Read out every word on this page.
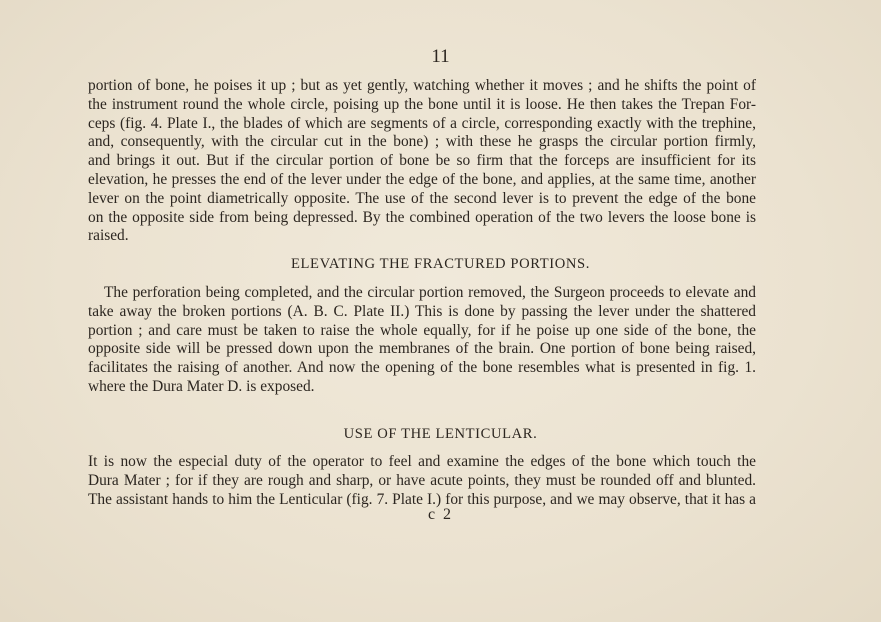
11
portion of bone, he poises it up ; but as yet gently, watching whether it moves ; and he shifts the point of
the instrument round the whole circle, poising up the bone until it is loose. He then takes the Trepan For-
ceps (fig. 4. Plate I., the blades of which are segments of a circle, corresponding exactly with the trephine,
and, consequently, with the circular cut in the bone) ; with these he grasps the circular portion firmly,
and brings it out. But if the circular portion of bone be so firm that the forceps are insufficient for its
elevation, he presses the end of the lever under the edge of the bone, and applies, at the same time, another
lever on the point diametrically opposite. The use of the second lever is to prevent the edge of the bone
on the opposite side from being depressed. By the combined operation of the two levers the loose bone is
raised.
ELEVATING THE FRACTURED PORTIONS.
The perforation being completed, and the circular portion removed, the Surgeon proceeds to elevate and
take away the broken portions (A. B. C. Plate II.) This is done by passing the lever under the shattered
portion ; and care must be taken to raise the whole equally, for if he poise up one side of the bone, the
opposite side will be pressed down upon the membranes of the brain. One portion of bone being raised,
facilitates the raising of another. And now the opening of the bone resembles what is presented in fig. 1.
where the Dura Mater D. is exposed.
USE OF THE LENTICULAR.
It is now the especial duty of the operator to feel and examine the edges of the bone which touch the
Dura Mater ; for if they are rough and sharp, or have acute points, they must be rounded off and blunted.
The assistant hands to him the Lenticular (fig. 7. Plate I.) for this purpose, and we may observe, that it has a
c 2
